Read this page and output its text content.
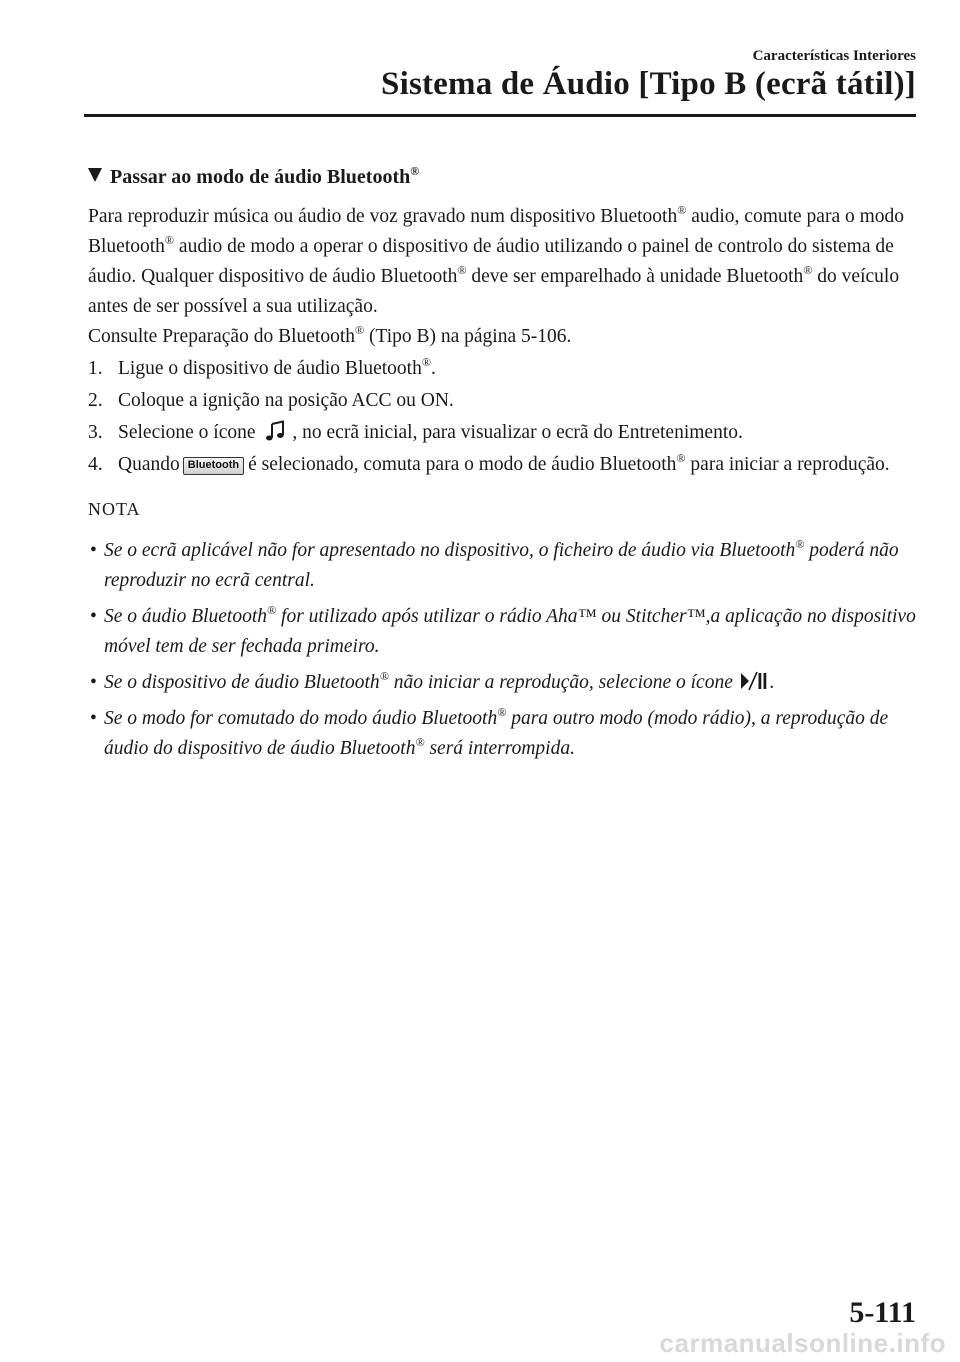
Características Interiores
Sistema de Áudio [Tipo B (ecrã tátil)]
Passar ao modo de áudio Bluetooth®

Para reproduzir música ou áudio de voz gravado num dispositivo Bluetooth® audio, comute para o modo Bluetooth® audio de modo a operar o dispositivo de áudio utilizando o painel de controlo do sistema de áudio. Qualquer dispositivo de áudio Bluetooth® deve ser emparelhado à unidade Bluetooth® do veículo antes de ser possível a sua utilização.

Consulte Preparação do Bluetooth® (Tipo B) na página 5-106.

1. Ligue o dispositivo de áudio Bluetooth®.
2. Coloque a ignição na posição ACC ou ON.
3. Selecione o ícone , no ecrã inicial, para visualizar o ecrã do Entretenimento.
4. Quando Bluetooth é selecionado, comuta para o modo de áudio Bluetooth® para iniciar a reprodução.
NOTA
• Se o ecrã aplicável não for apresentado no dispositivo, o ficheiro de áudio via Bluetooth® poderá não reproduzir no ecrã central.
• Se o áudio Bluetooth® for utilizado após utilizar o rádio Aha™ ou Stitcher™,a aplicação no dispositivo móvel tem de ser fechada primeiro.
• Se o dispositivo de áudio Bluetooth® não iniciar a reprodução, selecione o ícone .
• Se o modo for comutado do modo áudio Bluetooth® para outro modo (modo rádio), a reprodução de áudio do dispositivo de áudio Bluetooth® será interrompida.
5-111
carmanualsonline.info
